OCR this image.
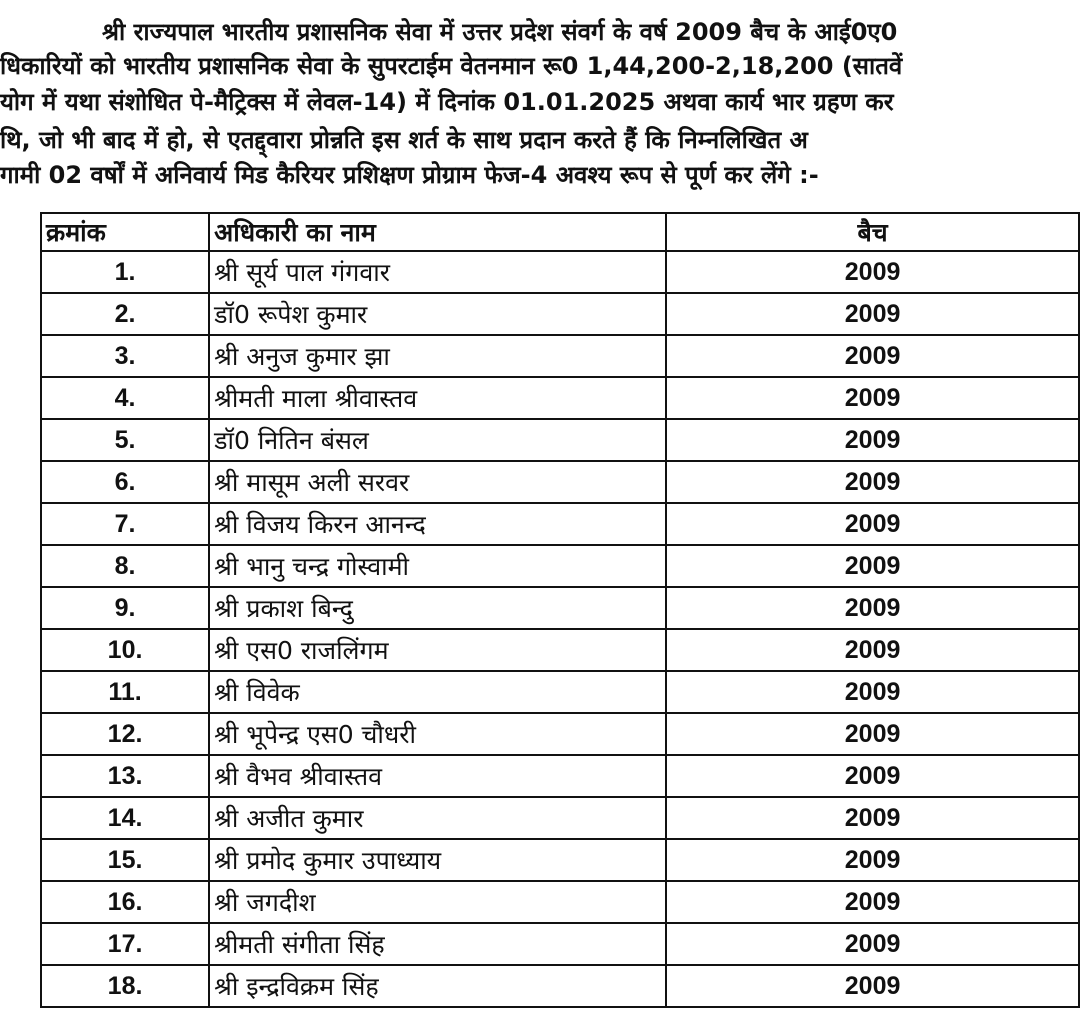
श्री राज्यपाल भारतीय प्रशासनिक सेवा में उत्तर प्रदेश संवर्ग के वर्ष 2009 बैच के आई0ए0
धिकारियों को भारतीय प्रशासनिक सेवा के सुपरटाईम वेतनमान रू0 1,44,200-2,18,200 (सातवें
योग में यथा संशोधित पे-मैट्रिक्स में लेवल-14) में दिनांक 01.01.2025 अथवा कार्य भार ग्रहण कर
थि, जो भी बाद में हो, से एतद्द्वारा प्रोन्नति इस शर्त के साथ प्रदान करते हैं कि निम्नलिखित अ
गामी 02 वर्षों में अनिवार्य मिड कैरियर प्रशिक्षण प्रोग्राम फेज-4 अवश्य रूप से पूर्ण कर लेंगे :-
क्रमांक	अधिकारी का नाम	बैच
1.	श्री सूर्य पाल गंगवार	2009
2.	डॉ0 रूपेश कुमार	2009
3.	श्री अनुज कुमार झा	2009
4.	श्रीमती माला श्रीवास्तव	2009
5.	डॉ0 नितिन बंसल	2009
6.	श्री मासूम अली सरवर	2009
7.	श्री विजय किरन आनन्द	2009
8.	श्री भानु चन्द्र गोस्वामी	2009
9.	श्री प्रकाश बिन्दु	2009
10.	श्री एस0 राजलिंगम	2009
11.	श्री विवेक	2009
12.	श्री भूपेन्द्र एस0 चौधरी	2009
13.	श्री वैभव श्रीवास्तव	2009
14.	श्री अजीत कुमार	2009
15.	श्री प्रमोद कुमार उपाध्याय	2009
16.	श्री जगदीश	2009
17.	श्रीमती संगीता सिंह	2009
18.	श्री इन्द्रविक्रम सिंह	2009
